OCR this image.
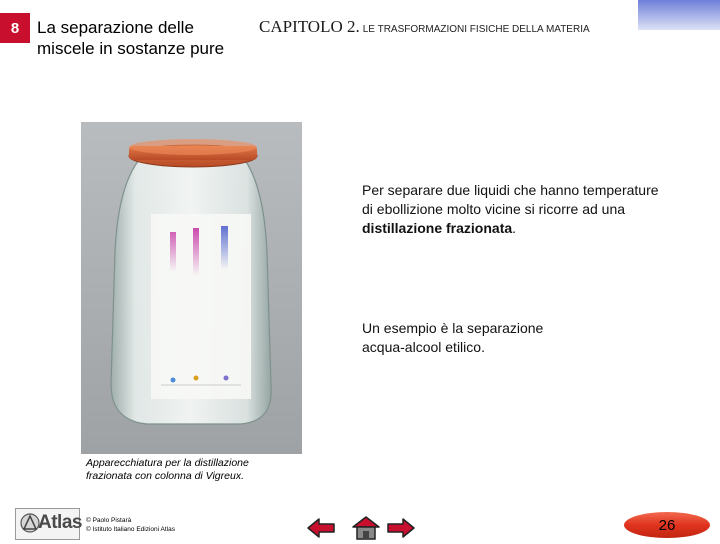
8 La separazione delle
miscele in sostanze pure
CAPITOLO 2. LE TRASFORMAZIONI FISICHE DELLA MATERIA
Apparecchiatura per la distillazione
frazionata con colonna di Vigreux.

Per separare due liquidi che hanno temperature di ebollizione molto vicine si ricorre ad una distillazione frazionata.

Un esempio è la separazione
acqua-alcool etilico.

Atlas © Paolo Pistarà
© Istituto Italiano Edizioni Atlas	26
